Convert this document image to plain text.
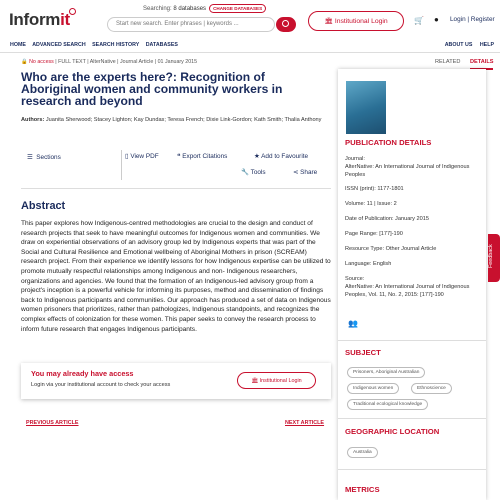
Informit
Searching: 8 databases CHANGE DATABASES
Start new search. Enter phrases | keywords ...	🏛 Institutional Login	🛒 ● Login | Register
HOME ADVANCED SEARCH SEARCH HISTORY DATABASES	ABOUT US HELP
🔒 No access | FULL TEXT | AlterNative | Journal Article | 01 January 2015	RELATED DETAILS
Who are the experts here?: Recognition of Aboriginal women and community workers in research and beyond
Authors: Juanita Sherwood; Stacey Lighton; Kay Dundas; Teresa French; Dixie Link-Gordon; Kath Smith; Thalia Anthony
☰ Sections	▯ View PDF	❝ Export Citations	★ Add to Favourite
🔧 Tools	⋖ Share
Abstract
This paper explores how Indigenous-centred methodologies are crucial to the design and conduct of research projects that seek to have meaningful outcomes for Indigenous women and communities. We draw on experiential observations of an advisory group led by Indigenous experts that was part of the Social and Cultural Resilience and Emotional wellbeing of Aboriginal Mothers in prison (SCREAM) research project. From their experience we identify lessons for how Indigenous expertise can be utilized to promote mutually respectful relationships among Indigenous and non- Indigenous researchers, organizations and agencies. We found that the formation of an Indigenous-led advisory group from a project's inception is a powerful vehicle for informing its purposes, method and dissemination of findings back to Indigenous participants and communities. Our approach has produced a set of data on Indigenous women prisoners that prioritizes, rather than pathologizes, Indigenous standpoints, and recognizes the complex effects of colonization for these women. This paper seeks to convey the research process to inform future research that engages Indigenous participants.
You may already have access
Login via your institutional account to check your access
🏛 Institutional Login
PREVIOUS ARTICLE	NEXT ARTICLE
PUBLICATION DETAILS
Journal:
AlterNative: An International Journal of Indigenous Peoples
ISSN (print): 1177-1801
Volume: 11 | Issue: 2
Date of Publication: January 2015
Page Range: [177]-190
Resource Type: Other Journal Article
Language: English
Source:
AlterNative: An International Journal of Indigenous Peoples, Vol. 11, No. 2, 2015: [177]-190
👥
SUBJECT
Prisoners, Aboriginal Australian
Indigenous women	Ethnoscience
Traditional ecological knowledge
GEOGRAPHIC LOCATION
Australia
METRICS
Feedback
